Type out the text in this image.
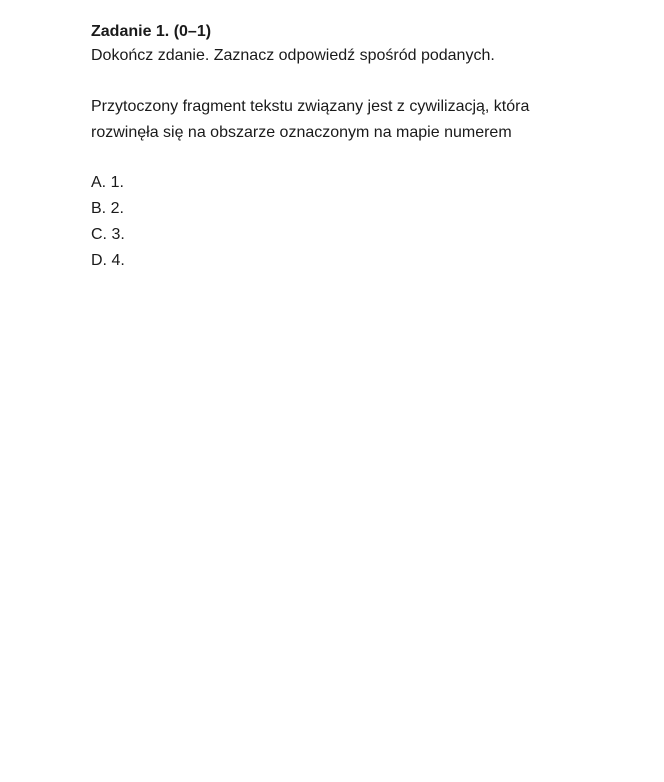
Zadanie 1. (0–1)

Dokończ zdanie. Zaznacz odpowiedź spośród podanych.

Przytoczony fragment tekstu związany jest z cywilizacją, która
rozwinęła się na obszarze oznaczonym na mapie numerem

A. 1.
B. 2.
C. 3.
D. 4.
